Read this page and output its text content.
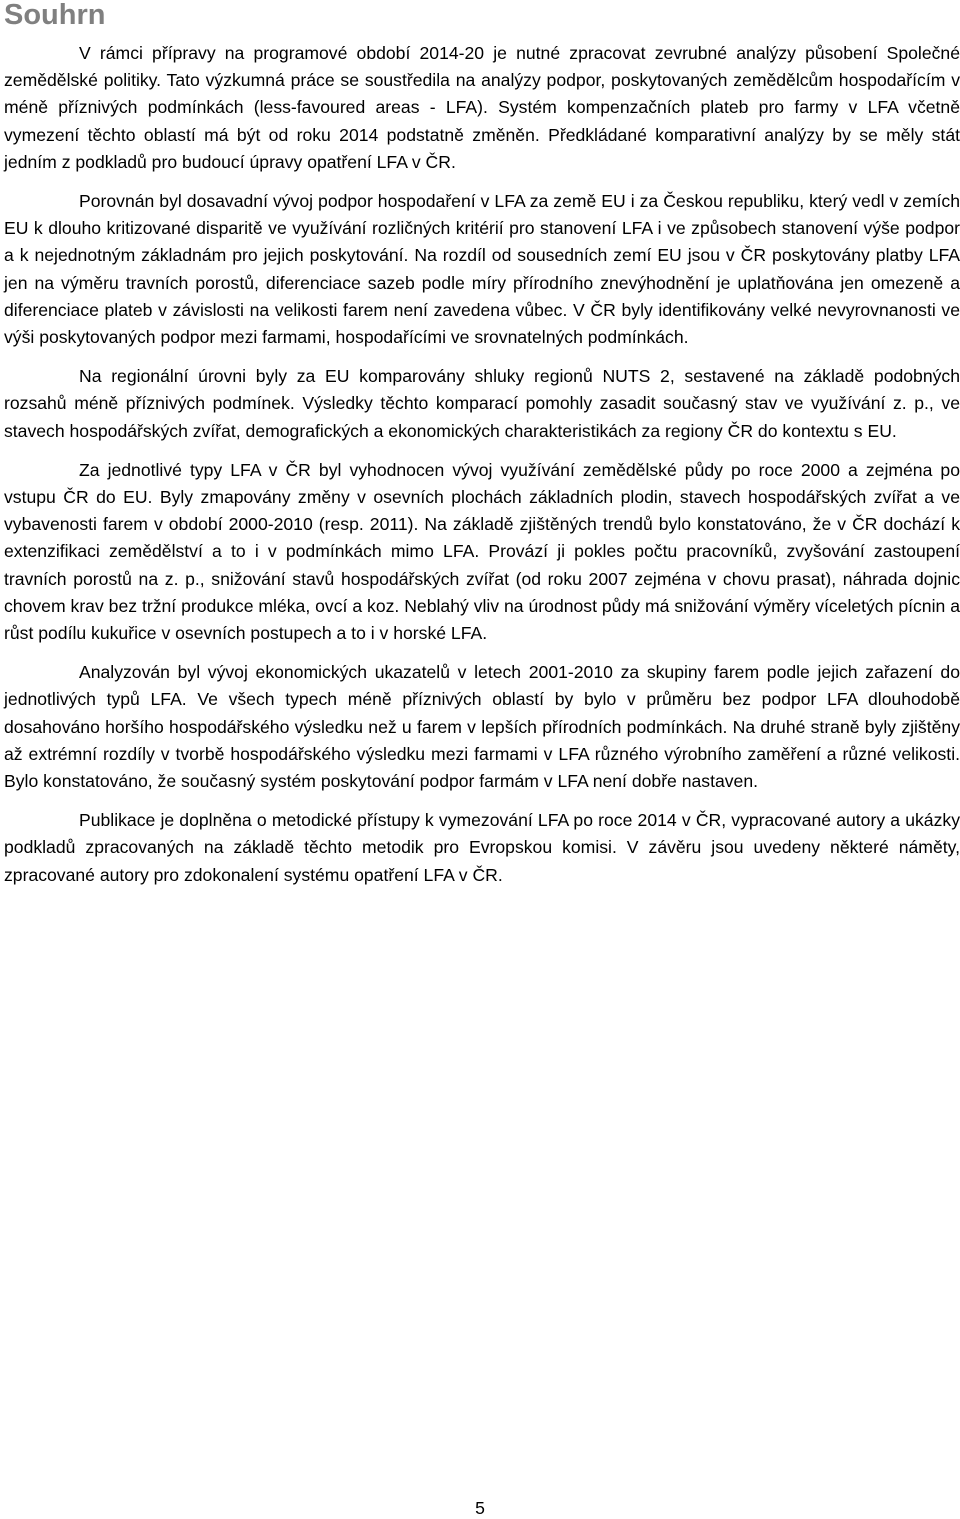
Souhrn

V rámci přípravy na programové období 2014-20 je nutné zpracovat zevrubné analýzy působení Společné zemědělské politiky. Tato výzkumná práce se soustředila na analýzy podpor, poskytovaných zemědělcům hospodařícím v méně příznivých podmínkách (less-favoured areas - LFA). Systém kompenzačních plateb pro farmy v LFA včetně vymezení těchto oblastí má být od roku 2014 podstatně změněn. Předkládané komparativní analýzy by se měly stát jedním z podkladů pro budoucí úpravy opatření LFA v ČR.

Porovnán byl dosavadní vývoj podpor hospodaření v LFA za země EU i za Českou republiku, který vedl v zemích EU k dlouho kritizované disparitě ve využívání rozličných kritérií pro stanovení LFA i ve způsobech stanovení výše podpor a k nejednotným základnám pro jejich poskytování. Na rozdíl od sousedních zemí EU jsou v ČR poskytovány platby LFA jen na výměru travních porostů, diferenciace sazeb podle míry přírodního znevýhodnění je uplatňována jen omezeně a diferenciace plateb v závislosti na velikosti farem není zavedena vůbec. V ČR byly identifikovány velké nevyrovnanosti ve výši poskytovaných podpor mezi farmami, hospodařícími ve srovnatelných podmínkách.

Na regionální úrovni byly za EU komparovány shluky regionů NUTS 2, sestavené na základě podobných rozsahů méně příznivých podmínek. Výsledky těchto komparací pomohly zasadit současný stav ve využívání z. p., ve stavech hospodářských zvířat, demografických a ekonomických charakteristikách za regiony ČR do kontextu s EU.

Za jednotlivé typy LFA v ČR byl vyhodnocen vývoj využívání zemědělské půdy po roce 2000 a zejména po vstupu ČR do EU. Byly zmapovány změny v osevních plochách základních plodin, stavech hospodářských zvířat a ve vybavenosti farem v období 2000-2010 (resp. 2011). Na základě zjištěných trendů bylo konstatováno, že v ČR dochází k extenzifikaci zemědělství a to i v podmínkách mimo LFA. Provází ji pokles počtu pracovníků, zvyšování zastoupení travních porostů na z. p., snižování stavů hospodářských zvířat (od roku 2007 zejména v chovu prasat), náhrada dojnic chovem krav bez tržní produkce mléka, ovcí a koz. Neblahý vliv na úrodnost půdy má snižování výměry víceletých pícnin a růst podílu kukuřice v osevních postupech a to i v horské LFA.

Analyzován byl vývoj ekonomických ukazatelů v letech 2001-2010 za skupiny farem podle jejich zařazení do jednotlivých typů LFA. Ve všech typech méně příznivých oblastí by bylo v průměru bez podpor LFA dlouhodobě dosahováno horšího hospodářského výsledku než u farem v lepších přírodních podmínkách. Na druhé straně byly zjištěny až extrémní rozdíly v tvorbě hospodářského výsledku mezi farmami v LFA různého výrobního zaměření a různé velikosti. Bylo konstatováno, že současný systém poskytování podpor farmám v LFA není dobře nastaven.

Publikace je doplněna o metodické přístupy k vymezování LFA po roce 2014 v ČR, vypracované autory a ukázky podkladů zpracovaných na základě těchto metodik pro Evropskou komisi. V závěru jsou uvedeny některé náměty, zpracované autory pro zdokonalení systému opatření LFA v ČR.

5
